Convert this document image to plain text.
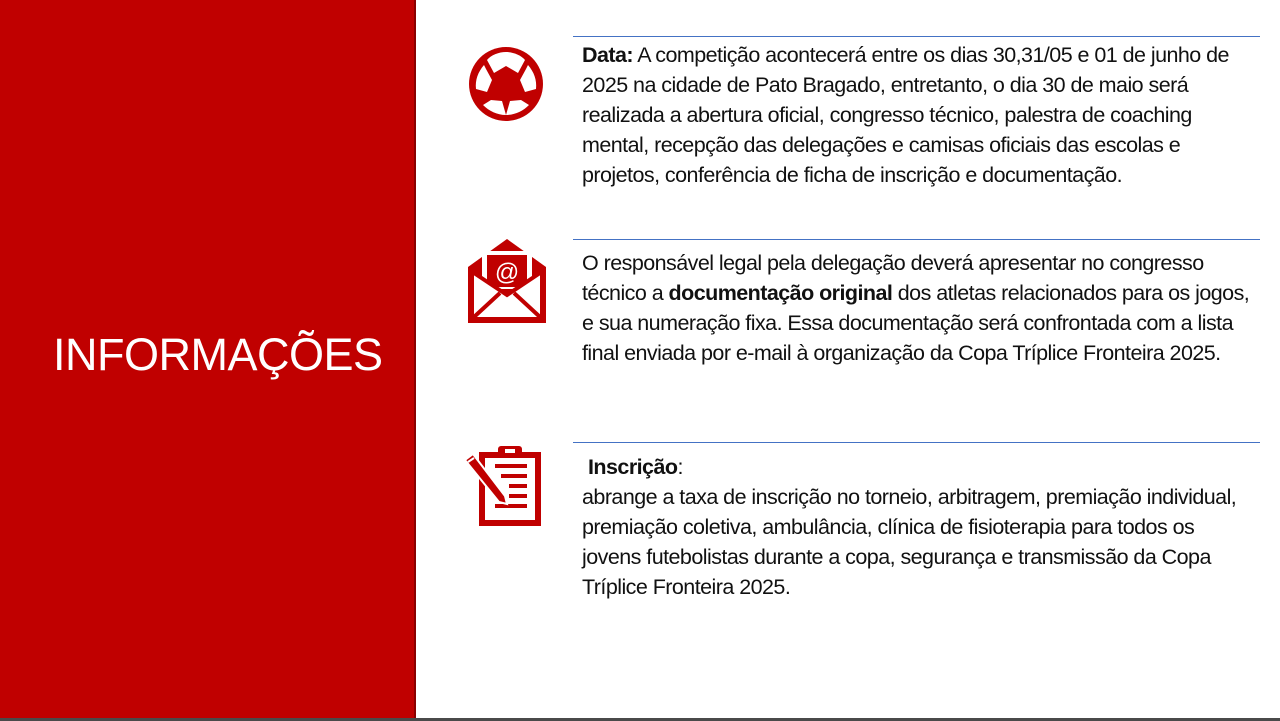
INFORMAÇÕES
@

Data: A competição acontecerá entre os dias 30,31/05 e 01 de junho de 2025 na cidade de Pato Bragado, entretanto, o dia 30 de maio será realizada a abertura oficial, congresso técnico, palestra de coaching mental, recepção das delegações e camisas oficiais das escolas e projetos, conferência de ficha de inscrição e documentação.

O responsável legal pela delegação deverá apresentar no congresso técnico a documentação original dos atletas relacionados para os jogos, e sua numeração fixa. Essa documentação será confrontada com a lista final enviada por e-mail à organização da Copa Tríplice Fronteira 2025.

Inscrição:
abrange a taxa de inscrição no torneio, arbitragem, premiação individual, premiação coletiva, ambulância, clínica de fisioterapia para todos os jovens futebolistas durante a copa, segurança e transmissão da Copa Tríplice Fronteira 2025.
